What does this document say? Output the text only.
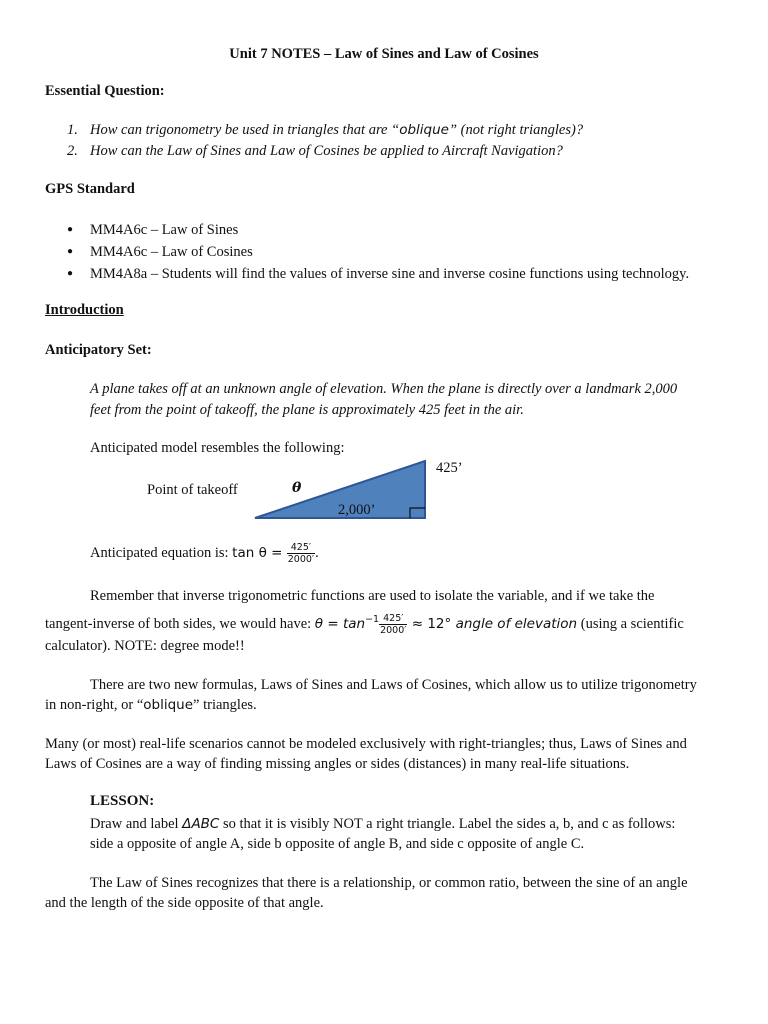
Unit 7 NOTES – Law of Sines and Law of Cosines
Essential Question:
1. How can trigonometry be used in triangles that are “oblique” (not right triangles)?
2. How can the Law of Sines and Law of Cosines be applied to Aircraft Navigation?
GPS Standard
● MM4A6c – Law of Sines
● MM4A6c – Law of Cosines
● MM4A8a – Students will find the values of inverse sine and inverse cosine functions using technology.
Introduction
Anticipatory Set:
A plane takes off at an unknown angle of elevation. When the plane is directly over a landmark 2,000
feet from the point of takeoff, the plane is approximately 425 feet in the air.
Anticipated model resembles the following:
425’
2,000’
θ
Point of takeoff
Anticipated equation is: $\tan \theta = \frac{425'}{2000'}$ .
Remember that inverse trigonometric functions are used to isolate the variable, and if we take the
tangent-inverse of both sides, we would have: $\theta = \tan^{-1} \frac{425'}{2000'} \approx 12^\circ$ angle of elevation (using a scientific
calculator). NOTE: degree mode!!
There are two new formulas, Laws of Sines and Laws of Cosines, which allow us to utilize trigonometry
in non-right, or “oblique” triangles.
Many (or most) real-life scenarios cannot be modeled exclusively with right-triangles; thus, Laws of Sines and
Laws of Cosines are a way of finding missing angles or sides (distances) in many real-life situations.
LESSON:
Draw and label ΔABC so that it is visibly NOT a right triangle. Label the sides a, b, and c as follows:
side a opposite of angle A, side b opposite of angle B, and side c opposite of angle C.
The Law of Sines recognizes that there is a relationship, or common ratio, between the sine of an angle
and the length of the side opposite of that angle.
